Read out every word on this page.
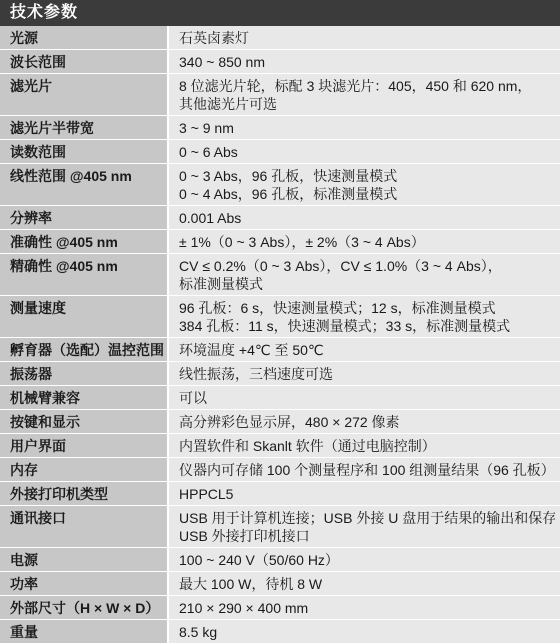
技术参数
光源	石英卤素灯

波长范围	340 ~ 850 nm

滤光片	8 位滤光片轮，标配 3 块滤光片：405，450 和 620 nm，
其他滤光片可选

滤光片半带宽	3 ~ 9 nm

读数范围	0 ~ 6 Abs

线性范围 @405 nm	0 ~ 3 Abs，96 孔板，快速测量模式
0 ~ 4 Abs，96 孔板，标准测量模式

分辨率	0.001 Abs

准确性 @405 nm	± 1%（0 ~ 3 Abs），± 2%（3 ~ 4 Abs）

精确性 @405 nm	CV ≤ 0.2%（0 ~ 3 Abs），CV ≤ 1.0%（3 ~ 4 Abs），
标准测量模式

测量速度	96 孔板：6 s，快速测量模式；12 s，标准测量模式
384 孔板：11 s，快速测量模式；33 s，标准测量模式

孵育器（选配）温控范围	环境温度 +4℃ 至 50℃

振荡器	线性振荡，三档速度可选

机械臂兼容	可以

按键和显示	高分辨彩色显示屏，480 × 272 像素

用户界面	内置软件和 Skanlt 软件（通过电脑控制）

内存	仪器内可存储 100 个测量程序和 100 组测量结果（96 孔板）

外接打印机类型	HPPCL5

通讯接口	USB 用于计算机连接；USB 外接 U 盘用于结果的输出和保存
USB 外接打印机接口

电源	100 ~ 240 V（50/60 Hz）

功率	最大 100 W，待机 8 W

外部尺寸（H × W × D）	210 × 290 × 400 mm

重量	8.5 kg
